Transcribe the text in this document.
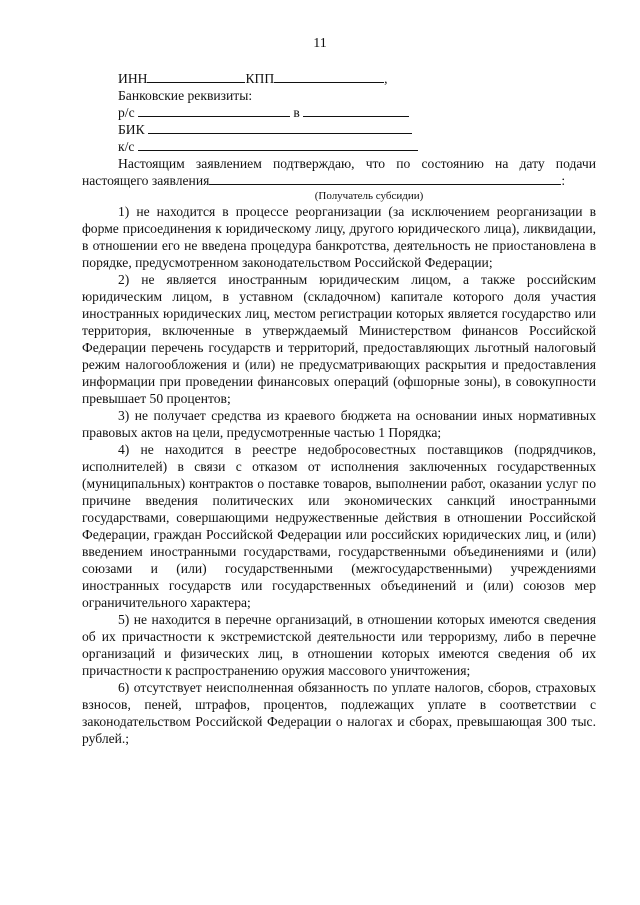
11
ИНН	КПП	,
Банковские реквизиты:
р/с	в
БИК
к/с
Настоящим заявлением подтверждаю, что по состоянию на дату подачи
настоящего заявления	:
(Получатель субсидии)

1) не находится в процессе реорганизации (за исключением реорганизации в форме присоединения к юридическому лицу, другого юридического лица), ликвидации, в отношении его не введена процедура банкротства, деятельность не приостановлена в порядке, предусмотренном законодательством Российской Федерации;

2) не является иностранным юридическим лицом, а также российским юридическим лицом, в уставном (складочном) капитале которого доля участия иностранных юридических лиц, местом регистрации которых является государство или территория, включенные в утверждаемый Министерством финансов Российской Федерации перечень государств и территорий, предоставляющих льготный налоговый режим налогообложения и (или) не предусматривающих раскрытия и предоставления информации при проведении финансовых операций (офшорные зоны), в совокупности превышает 50 процентов;

3) не получает средства из краевого бюджета на основании иных нормативных правовых актов на цели, предусмотренные частью 1 Порядка;

4) не находится в реестре недобросовестных поставщиков (подрядчиков, исполнителей) в связи с отказом от исполнения заключенных государственных (муниципальных) контрактов о поставке товаров, выполнении работ, оказании услуг по причине введения политических или экономических санкций иностранными государствами, совершающими недружественные действия в отношении Российской Федерации, граждан Российской Федерации или российских юридических лиц, и (или) введением иностранными государствами, государственными объединениями и (или) союзами и (или) государственными (межгосударственными) учреждениями иностранных государств или государственных объединений и (или) союзов мер ограничительного характера;

5) не находится в перечне организаций, в отношении которых имеются сведения об их причастности к экстремистской деятельности или терроризму, либо в перечне организаций и физических лиц, в отношении которых имеются сведения об их причастности к распространению оружия массового уничтожения;

6) отсутствует неисполненная обязанность по уплате налогов, сборов, страховых взносов, пеней, штрафов, процентов, подлежащих уплате в соответствии с законодательством Российской Федерации о налогах и сборах, превышающая 300 тыс. рублей.;
